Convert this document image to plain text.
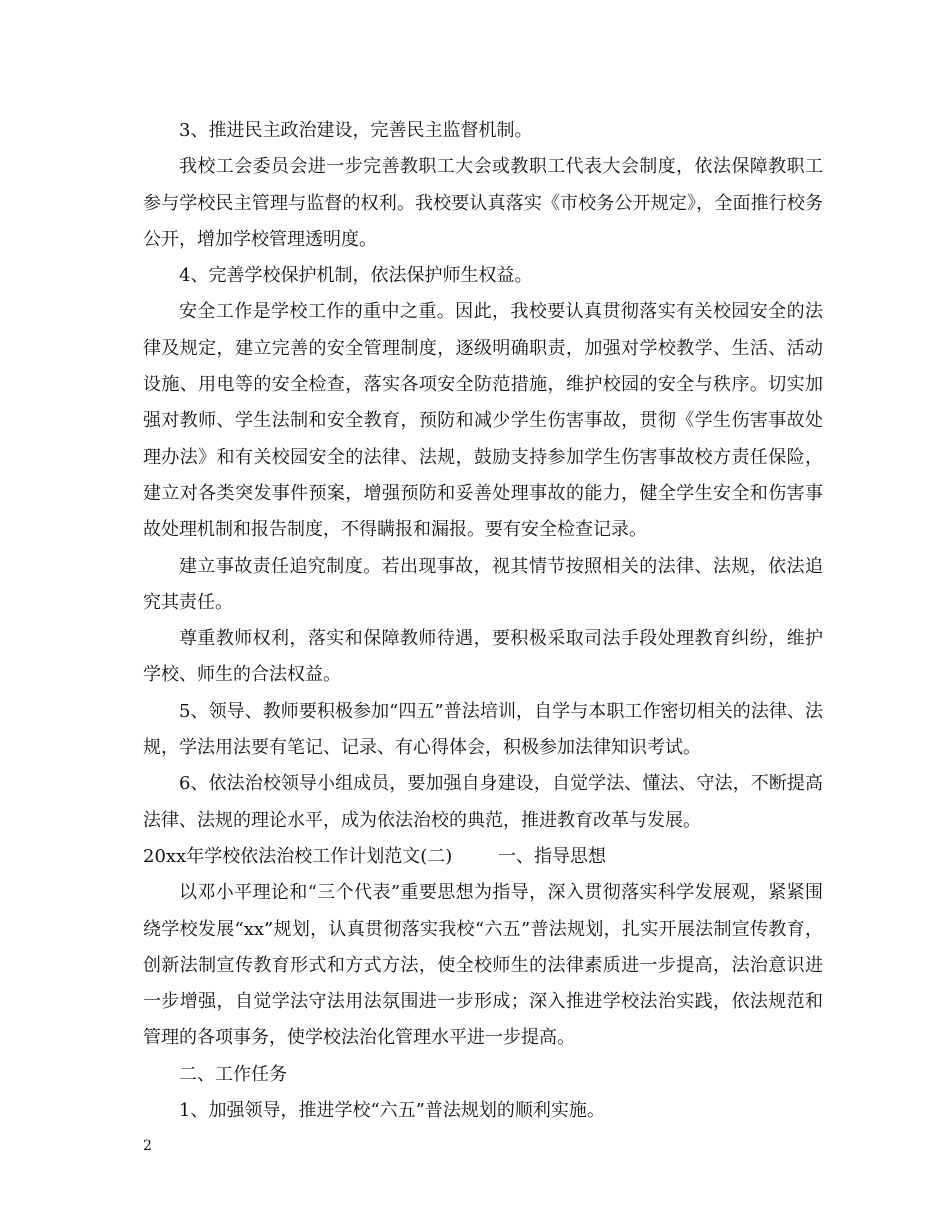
3、推进民主政治建设，完善民主监督机制。

我校工会委员会进一步完善教职工大会或教职工代表大会制度，依法保障教职工参与学校民主管理与监督的权利。我校要认真落实《市校务公开规定》，全面推行校务公开，增加学校管理透明度。

4、完善学校保护机制，依法保护师生权益。

安全工作是学校工作的重中之重。因此，我校要认真贯彻落实有关校园安全的法律及规定，建立完善的安全管理制度，逐级明确职责，加强对学校教学、生活、活动设施、用电等的安全检查，落实各项安全防范措施，维护校园的安全与秩序。切实加强对教师、学生法制和安全教育，预防和减少学生伤害事故，贯彻《学生伤害事故处理办法》和有关校园安全的法律、法规，鼓励支持参加学生伤害事故校方责任保险，建立对各类突发事件预案，增强预防和妥善处理事故的能力，健全学生安全和伤害事故处理机制和报告制度，不得瞒报和漏报。要有安全检查记录。

建立事故责任追究制度。若出现事故，视其情节按照相关的法律、法规，依法追究其责任。

尊重教师权利，落实和保障教师待遇，要积极采取司法手段处理教育纠纷，维护学校、师生的合法权益。

5、领导、教师要积极参加“四五”普法培训，自学与本职工作密切相关的法律、法规，学法用法要有笔记、记录、有心得体会，积极参加法律知识考试。

6、依法治校领导小组成员，要加强自身建设，自觉学法、懂法、守法，不断提高法律、法规的理论水平，成为依法治校的典范，推进教育改革与发展。

20xx年学校依法治校工作计划范文(二)	一、指导思想

以邓小平理论和“三个代表”重要思想为指导，深入贯彻落实科学发展观，紧紧围绕学校发展“xx”规划，认真贯彻落实我校“六五”普法规划，扎实开展法制宣传教育，创新法制宣传教育形式和方式方法，使全校师生的法律素质进一步提高，法治意识进一步增强，自觉学法守法用法氛围进一步形成；深入推进学校法治实践，依法规范和管理的各项事务，使学校法治化管理水平进一步提高。

二、工作任务

1、加强领导，推进学校“六五”普法规划的顺利实施。

2
